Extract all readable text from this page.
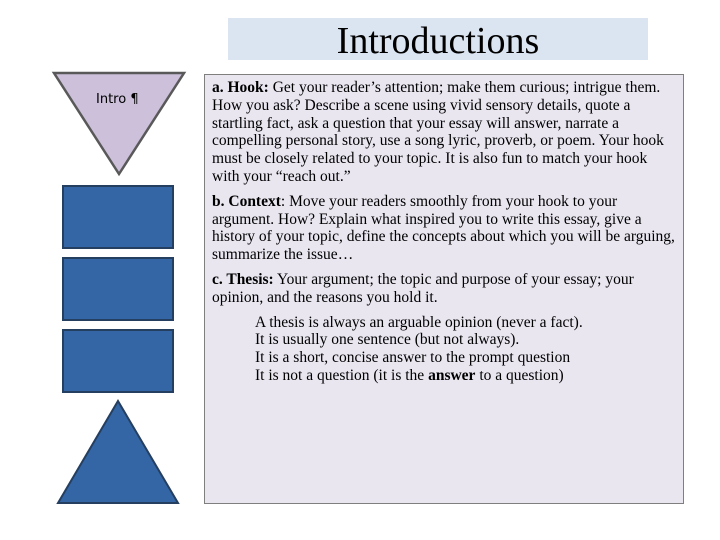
Introductions
Intro ¶

a. Hook: Get your reader’s attention; make them curious; intrigue them. How you ask? Describe a scene using vivid sensory details, quote a startling fact, ask a question that your essay will answer, narrate a compelling personal story, use a song lyric, proverb, or poem. Your hook must be closely related to your topic. It is also fun to match your hook with your “reach out.”

b. Context: Move your readers smoothly from your hook to your argument. How? Explain what inspired you to write this essay, give a history of your topic, define the concepts about which you will be arguing, summarize the issue…

c. Thesis: Your argument; the topic and purpose of your essay; your opinion, and the reasons you hold it.

A thesis is always an arguable opinion (never a fact).
It is usually one sentence (but not always).
It is a short, concise answer to the prompt question
It is not a question (it is the answer to a question)
